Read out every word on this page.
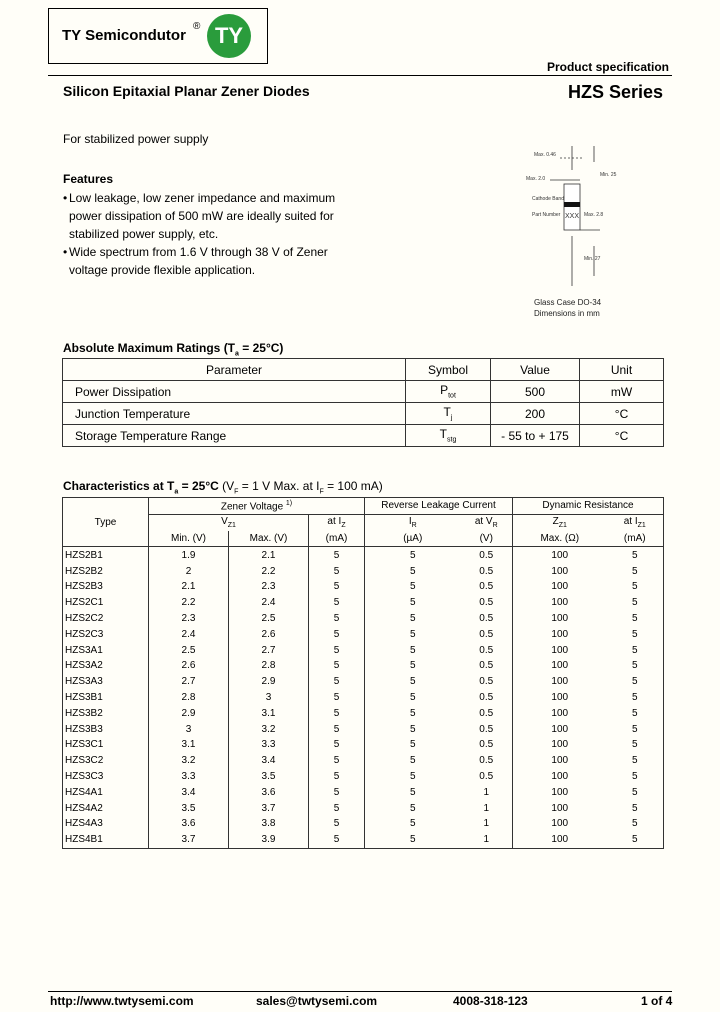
TY Semicondutor
® TY
Product specification
Silicon Epitaxial Planar Zener Diodes	HZS Series
For stabilized power supply
Features
• Low leakage, low zener impedance and maximum
power dissipation of 500 mW are ideally suited for
stabilized power supply, etc.
• Wide spectrum from 1.6 V through 38 V of Zener
voltage provide flexible application.
Max. 0.46
Min. 25
Max. 2.0
Cathode Band
Part Number XXX Max. 2.8
Min. 27
Glass Case DO-34
Dimensions in mm
Absolute Maximum Ratings $(T_a = 25^\circ C)$
Parameter	Symbol	Value	Unit
Power Dissipation	$P_{tot}$	500	mW
Junction Temperature	$T_j$	200	°C
Storage Temperature Range	$T_{stg}$	- 55 to + 175	°C
Characteristics at $T_a = 25^\circ C$ ($V_F = 1$ V Max. at $I_F = 100$ mA)
Type	Zener Voltage $^{1)}$			Reverse Leakage Current		Dynamic Resistance	
	$V_{Z1}$		at $I_Z$	$I_R$	at $V_R$	$Z_{Z1}$	at $I_{Z1}$
	Min. (V)	Max. (V)	(mA)	(µA)	(V)	Max. (Ω)	(mA)
HZS2B1	1.9	2.1	5	5	0.5	100	5
HZS2B2	2	2.2	5	5	0.5	100	5
HZS2B3	2.1	2.3	5	5	0.5	100	5
HZS2C1	2.2	2.4	5	5	0.5	100	5
HZS2C2	2.3	2.5	5	5	0.5	100	5
HZS2C3	2.4	2.6	5	5	0.5	100	5
HZS3A1	2.5	2.7	5	5	0.5	100	5
HZS3A2	2.6	2.8	5	5	0.5	100	5
HZS3A3	2.7	2.9	5	5	0.5	100	5
HZS3B1	2.8	3	5	5	0.5	100	5
HZS3B2	2.9	3.1	5	5	0.5	100	5
HZS3B3	3	3.2	5	5	0.5	100	5
HZS3C1	3.1	3.3	5	5	0.5	100	5
HZS3C2	3.2	3.4	5	5	0.5	100	5
HZS3C3	3.3	3.5	5	5	0.5	100	5
HZS4A1	3.4	3.6	5	5	1	100	5
HZS4A2	3.5	3.7	5	5	1	100	5
HZS4A3	3.6	3.8	5	5	1	100	5
HZS4B1	3.7	3.9	5	5	1	100	5
http://www.twtysemi.com	sales@twtysemi.com	4008-318-123	1 of 4
